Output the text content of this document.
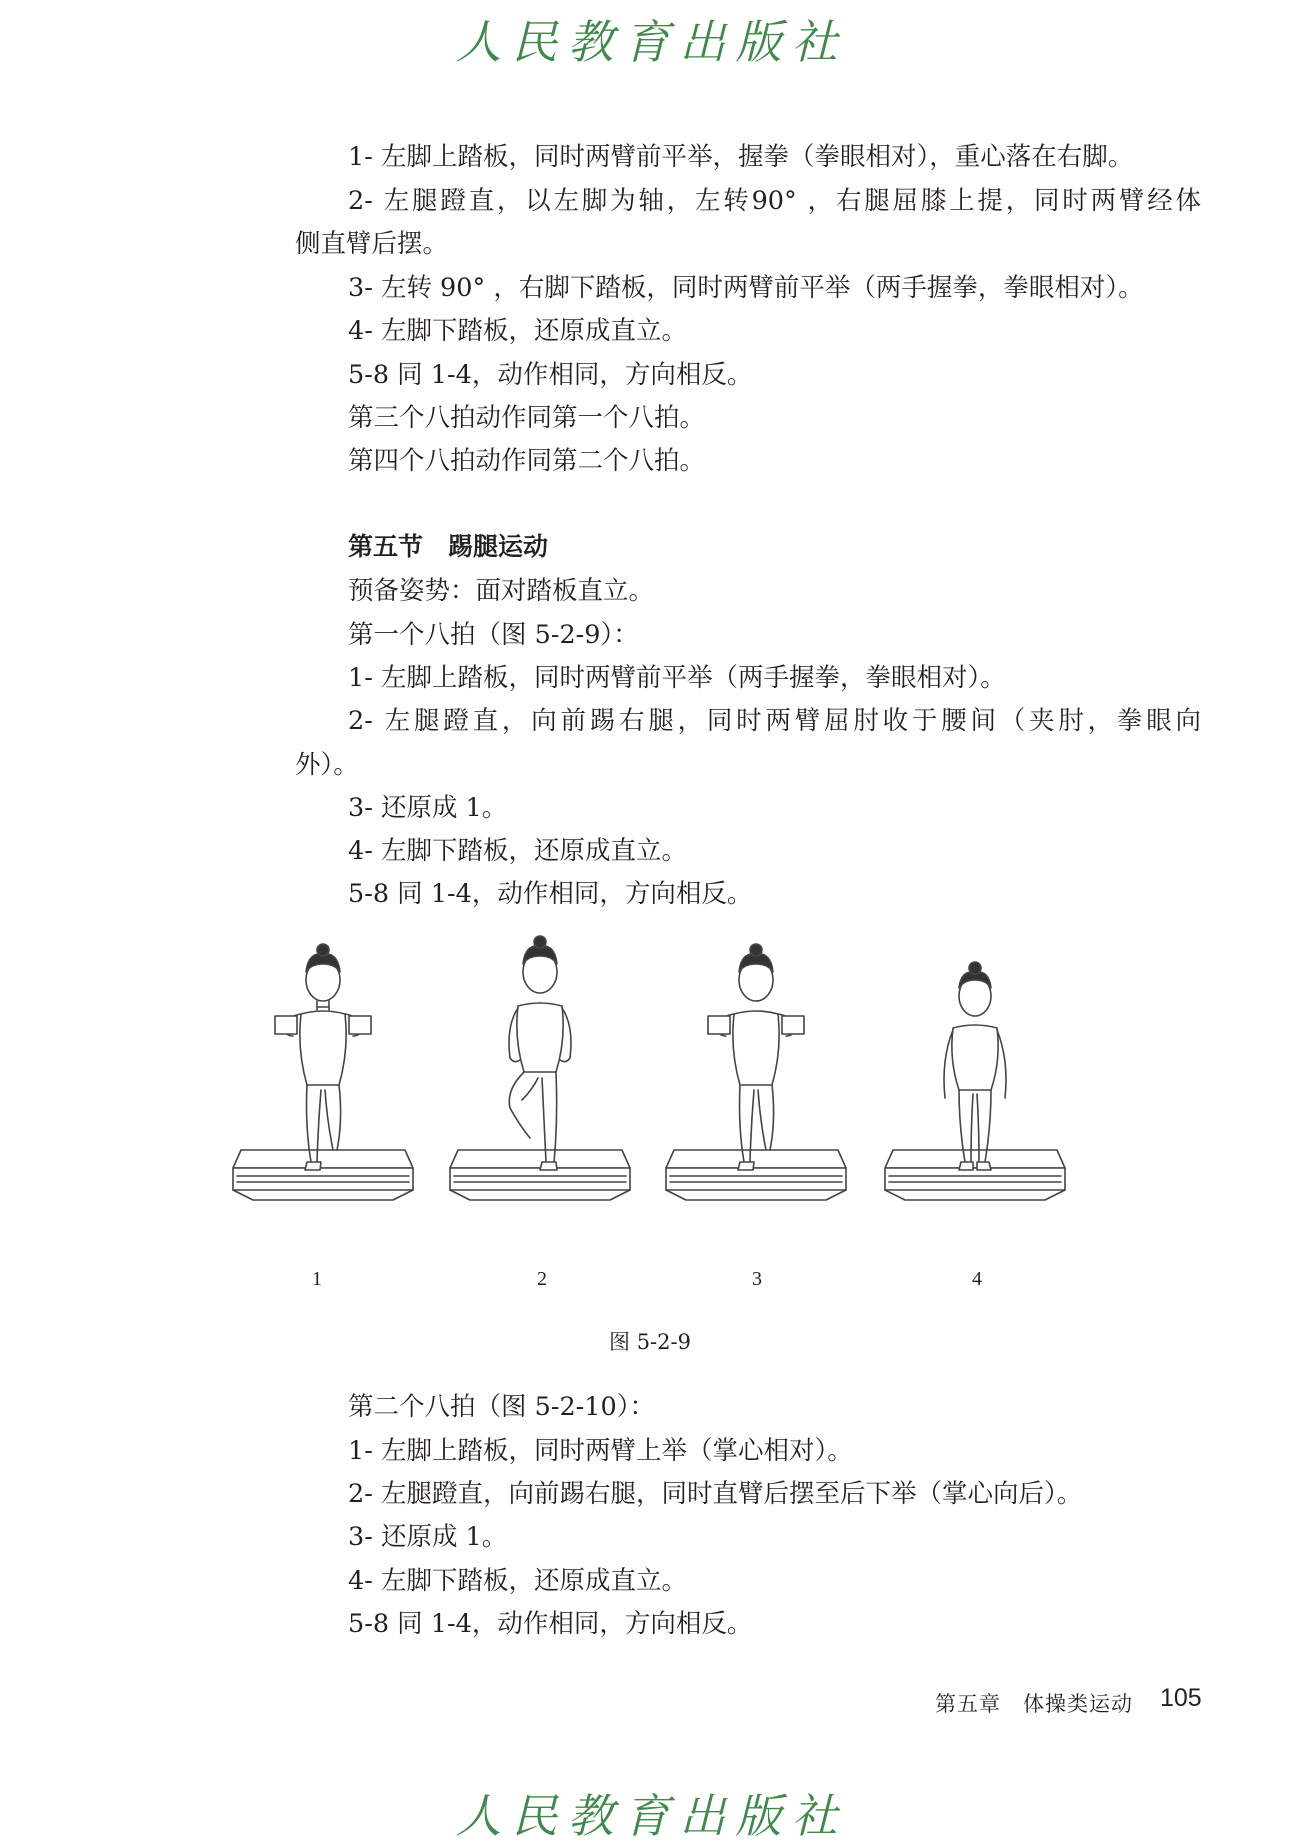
人民教育出版社
1- 左脚上踏板，同时两臂前平举，握拳（拳眼相对），重心落在右脚。
2- 左腿蹬直，以左脚为轴，左转90° ，右腿屈膝上提，同时两臂经体
侧直臂后摆。
3- 左转 90° ，右脚下踏板，同时两臂前平举（两手握拳，拳眼相对）。
4- 左脚下踏板，还原成直立。
5-8 同 1-4，动作相同，方向相反。
第三个八拍动作同第一个八拍。
第四个八拍动作同第二个八拍。
第五节　踢腿运动
预备姿势：面对踏板直立。
第一个八拍（图 5-2-9）：
1- 左脚上踏板，同时两臂前平举（两手握拳，拳眼相对）。
2- 左腿蹬直，向前踢右腿，同时两臂屈肘收于腰间（夹肘，拳眼向
外）。
3- 还原成 1。
4- 左脚下踏板，还原成直立。
5-8 同 1-4，动作相同，方向相反。
1	2	3	4
图 5-2-9
第二个八拍（图 5-2-10）：
1- 左脚上踏板，同时两臂上举（掌心相对）。
2- 左腿蹬直，向前踢右腿，同时直臂后摆至后下举（掌心向后）。
3- 还原成 1。
4- 左脚下踏板，还原成直立。
5-8 同 1-4，动作相同，方向相反。
第五章　体操类运动 105
人民教育出版社
